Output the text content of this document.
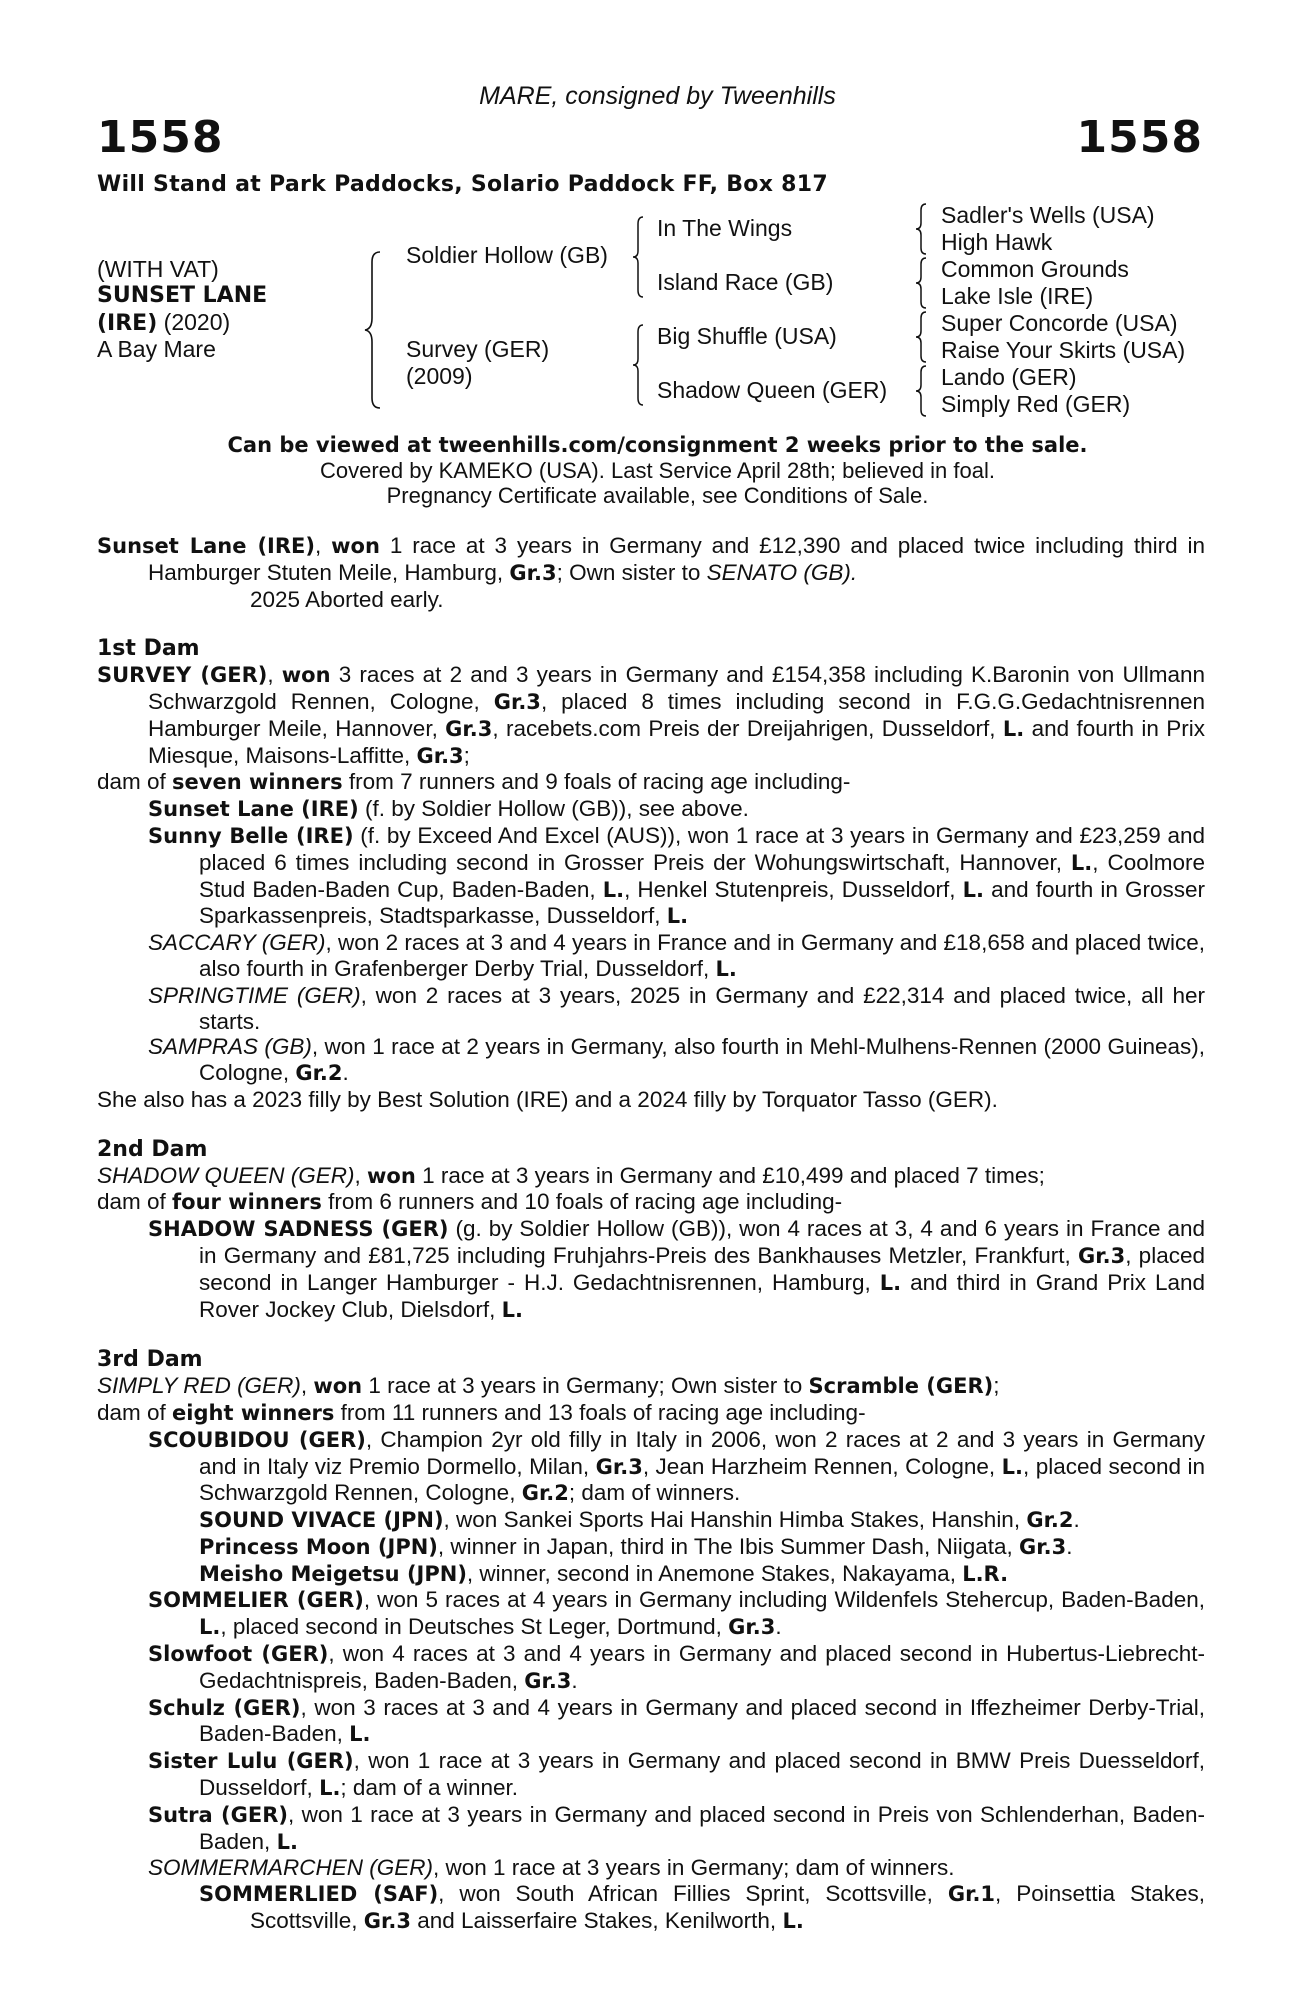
MARE, consigned by Tweenhills
1558	1558
Will Stand at Park Paddocks, Solario Paddock FF, Box 817
(WITH VAT)
SUNSET LANE
(IRE) (2020)
A Bay Mare
Soldier Hollow (GB)
Survey (GER)
(2009)
In The Wings
Island Race (GB)
Big Shuffle (USA)
Shadow Queen (GER)
Sadler's Wells (USA)
High Hawk
Common Grounds
Lake Isle (IRE)
Super Concorde (USA)
Raise Your Skirts (USA)
Lando (GER)
Simply Red (GER)
Can be viewed at tweenhills.com/consignment 2 weeks prior to the sale.
Covered by KAMEKO (USA). Last Service April 28th; believed in foal.
Pregnancy Certificate available, see Conditions of Sale.
Sunset Lane (IRE), won 1 race at 3 years in Germany and £12,390 and placed twice including third in Hamburger Stuten Meile, Hamburg, Gr.3; Own sister to SENATO (GB).
2025 Aborted early.
1st Dam
SURVEY (GER), won 3 races at 2 and 3 years in Germany and £154,358 including K.Baronin von Ullmann Schwarzgold Rennen, Cologne, Gr.3, placed 8 times including second in F.G.G.Gedachtnisrennen Hamburger Meile, Hannover, Gr.3, racebets.com Preis der Dreijahrigen, Dusseldorf, L. and fourth in Prix Miesque, Maisons-Laffitte, Gr.3;
dam of seven winners from 7 runners and 9 foals of racing age including-
Sunset Lane (IRE) (f. by Soldier Hollow (GB)), see above.
Sunny Belle (IRE) (f. by Exceed And Excel (AUS)), won 1 race at 3 years in Germany and £23,259 and placed 6 times including second in Grosser Preis der Wohungswirtschaft, Hannover, L., Coolmore Stud Baden-Baden Cup, Baden-Baden, L., Henkel Stutenpreis, Dusseldorf, L. and fourth in Grosser Sparkassenpreis, Stadtsparkasse, Dusseldorf, L.
SACCARY (GER), won 2 races at 3 and 4 years in France and in Germany and £18,658 and placed twice, also fourth in Grafenberger Derby Trial, Dusseldorf, L.
SPRINGTIME (GER), won 2 races at 3 years, 2025 in Germany and £22,314 and placed twice, all her starts.
SAMPRAS (GB), won 1 race at 2 years in Germany, also fourth in Mehl-Mulhens-Rennen (2000 Guineas), Cologne, Gr.2.
She also has a 2023 filly by Best Solution (IRE) and a 2024 filly by Torquator Tasso (GER).
2nd Dam
SHADOW QUEEN (GER), won 1 race at 3 years in Germany and £10,499 and placed 7 times;
dam of four winners from 6 runners and 10 foals of racing age including-
SHADOW SADNESS (GER) (g. by Soldier Hollow (GB)), won 4 races at 3, 4 and 6 years in France and in Germany and £81,725 including Fruhjahrs-Preis des Bankhauses Metzler, Frankfurt, Gr.3, placed second in Langer Hamburger - H.J. Gedachtnisrennen, Hamburg, L. and third in Grand Prix Land Rover Jockey Club, Dielsdorf, L.
3rd Dam
SIMPLY RED (GER), won 1 race at 3 years in Germany; Own sister to Scramble (GER);
dam of eight winners from 11 runners and 13 foals of racing age including-
SCOUBIDOU (GER), Champion 2yr old filly in Italy in 2006, won 2 races at 2 and 3 years in Germany and in Italy viz Premio Dormello, Milan, Gr.3, Jean Harzheim Rennen, Cologne, L., placed second in Schwarzgold Rennen, Cologne, Gr.2; dam of winners.
SOUND VIVACE (JPN), won Sankei Sports Hai Hanshin Himba Stakes, Hanshin, Gr.2.
Princess Moon (JPN), winner in Japan, third in The Ibis Summer Dash, Niigata, Gr.3.
Meisho Meigetsu (JPN), winner, second in Anemone Stakes, Nakayama, L.R.
SOMMELIER (GER), won 5 races at 4 years in Germany including Wildenfels Stehercup, Baden-Baden, L., placed second in Deutsches St Leger, Dortmund, Gr.3.
Slowfoot (GER), won 4 races at 3 and 4 years in Germany and placed second in Hubertus-Liebrecht-Gedachtnispreis, Baden-Baden, Gr.3.
Schulz (GER), won 3 races at 3 and 4 years in Germany and placed second in Iffezheimer Derby-Trial, Baden-Baden, L.
Sister Lulu (GER), won 1 race at 3 years in Germany and placed second in BMW Preis Duesseldorf, Dusseldorf, L.; dam of a winner.
Sutra (GER), won 1 race at 3 years in Germany and placed second in Preis von Schlenderhan, Baden-Baden, L.
SOMMERMARCHEN (GER), won 1 race at 3 years in Germany; dam of winners.
SOMMERLIED (SAF), won South African Fillies Sprint, Scottsville, Gr.1, Poinsettia Stakes, Scottsville, Gr.3 and Laisserfaire Stakes, Kenilworth, L.
